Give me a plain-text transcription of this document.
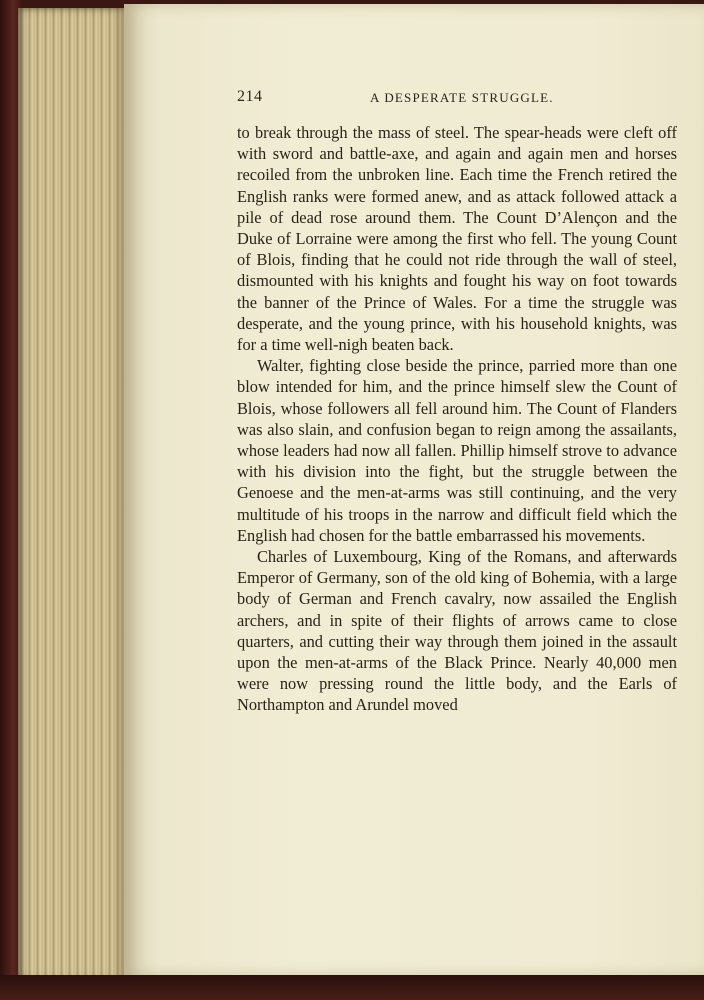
214	A DESPERATE STRUGGLE.

to break through the mass of steel. The spear-heads were cleft off with sword and battle-axe, and again and again men and horses recoiled from the unbroken line. Each time the French retired the English ranks were formed anew, and as attack followed attack a pile of dead rose around them. The Count D’Alençon and the Duke of Lorraine were among the first who fell. The young Count of Blois, finding that he could not ride through the wall of steel, dismounted with his knights and fought his way on foot towards the banner of the Prince of Wales. For a time the struggle was desperate, and the young prince, with his household knights, was for a time well-nigh beaten back.

Walter, fighting close beside the prince, parried more than one blow intended for him, and the prince himself slew the Count of Blois, whose followers all fell around him. The Count of Flanders was also slain, and confusion began to reign among the assailants, whose leaders had now all fallen. Phillip himself strove to advance with his division into the fight, but the struggle between the Genoese and the men-at-arms was still continuing, and the very multitude of his troops in the narrow and difficult field which the English had chosen for the battle embarrassed his movements.

Charles of Luxembourg, King of the Romans, and afterwards Emperor of Germany, son of the old king of Bohemia, with a large body of German and French cavalry, now assailed the English archers, and in spite of their flights of arrows came to close quarters, and cutting their way through them joined in the assault upon the men-at-arms of the Black Prince. Nearly 40,000 men were now pressing round the little body, and the Earls of Northampton and Arundel moved
